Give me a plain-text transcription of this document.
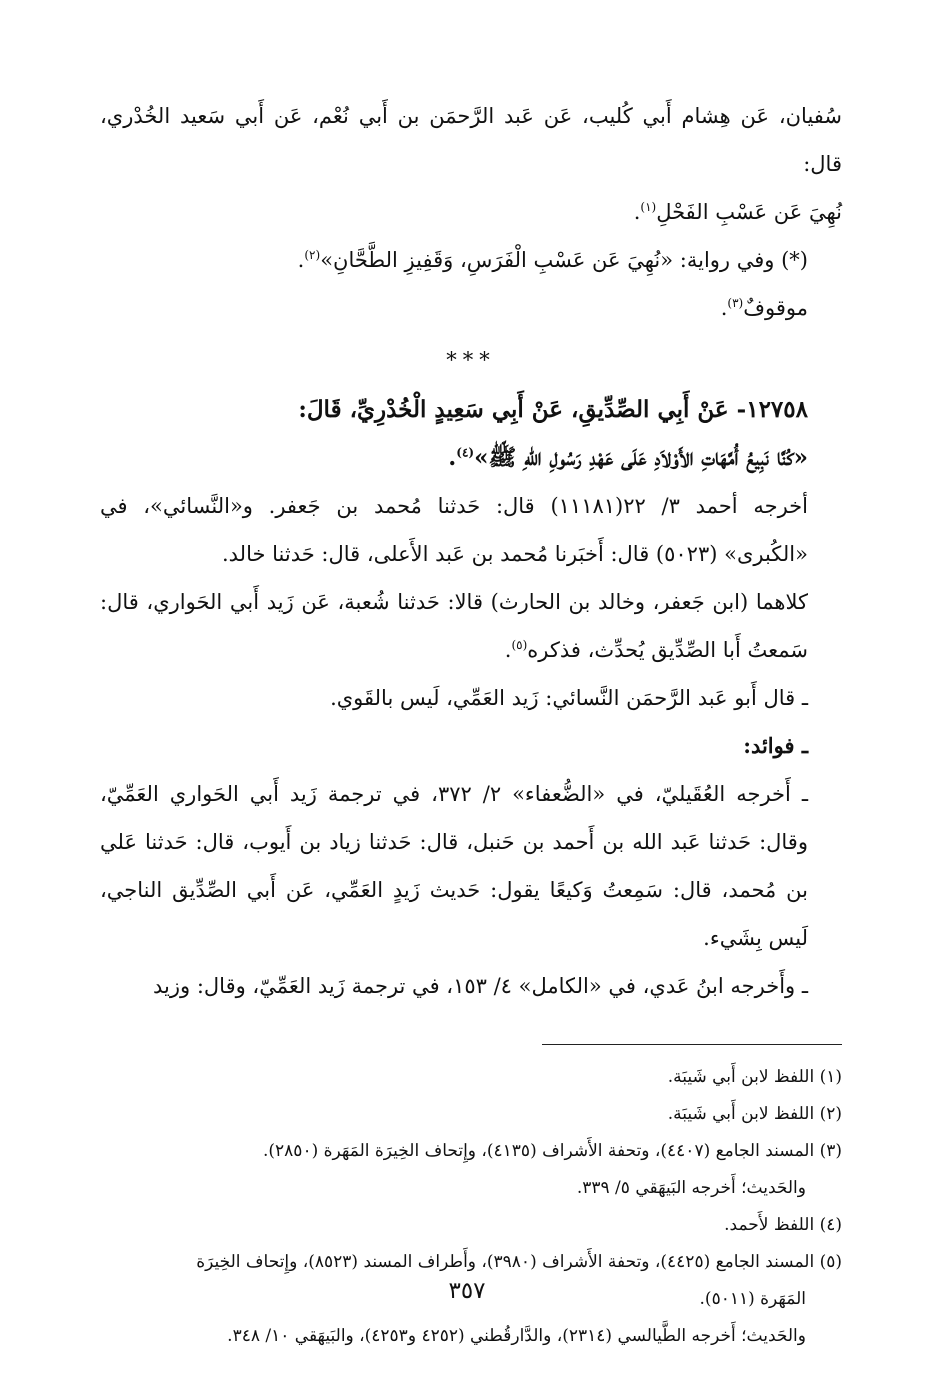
سُفيان، عَن هِشام أَبي كُليب، عَن عَبد الرَّحمَن بن أَبي نُعْم، عَن أَبي سَعيد الخُدْري، قال:

نُهِيَ عَن عَسْبِ الفَحْلِ$^{(١)}$.

(*) وفي رواية: «نُهِيَ عَن عَسْبِ الْفَرَسِ، وَقَفِيزِ الطَّحَّانِ»$^{(٢)}$.

موقوفٌ$^{(٣)}$.

***

١٢٧٥٨- عَنْ أَبِي الصِّدِّيقِ، عَنْ أَبِي سَعِيدٍ الْخُدْرِيِّ، قَالَ:

«كُنَّا نَبِيعُ أُمَّهَاتِ الأَوْلاَدِ عَلَى عَهْدِ رَسُولِ اللهِ ﷺ»$^{(٤)}$.

أخرجه أحمد ٣/ ٢٢(١١١٨١) قال: حَدثنا مُحمد بن جَعفر. و«النَّسائي»، في «الكُبرى» (٥٠٢٣) قال: أَخبَرنا مُحمد بن عَبد الأَعلى، قال: حَدثنا خالد.

كلاهما (ابن جَعفر، وخالد بن الحارث) قالا: حَدثنا شُعبة، عَن زَيد أَبي الحَواري، قال: سَمعتُ أَبا الصِّدِّيق يُحدِّث، فذكره$^{(٥)}$.

ـ قال أَبو عَبد الرَّحمَن النَّسائي: زَيد العَمِّي، لَيس بالقَوي.

ـ فوائد:

ـ أَخرجه العُقَيليّ، في «الضُّعفاء» ٢/ ٣٧٢، في ترجمة زَيد أَبي الحَواري العَمِّيّ، وقال: حَدثنا عَبد الله بن أَحمد بن حَنبل، قال: حَدثنا زياد بن أَيوب، قال: حَدثنا عَلي بن مُحمد، قال: سَمِعتُ وَكيعًا يقول: حَديث زَيدٍ العَمِّي، عَن أَبي الصِّدِّيق الناجي، لَيس بِشَيء.

ـ وأَخرجه ابنُ عَدي، في «الكامل» ٤/ ١٥٣، في ترجمة زَيد العَمِّيّ، وقال: وزيد

(١) اللفظ لابن أَبي شَيبَة.

(٢) اللفظ لابن أَبي شَيبَة.

(٣) المسند الجامع (٤٤٠٧)، وتحفة الأَشراف (٤١٣٥)، وإِتحاف الخِيرَة المَهَرة (٢٨٥٠).

والحَديث؛ أَخرجه البَيهَقي ٥/ ٣٣٩.

(٤) اللفظ لأَحمد.

(٥) المسند الجامع (٤٤٢٥)، وتحفة الأَشراف (٣٩٨٠)، وأَطراف المسند (٨٥٢٣)، وإِتحاف الخِيرَة

المَهَرة (٥٠١١).

والحَديث؛ أَخرجه الطَّيالسي (٢٣١٤)، والدَّارقُطني (٤٢٥٢ و٤٢٥٣)، والبَيهَقي ١٠/ ٣٤٨.

٣٥٧
